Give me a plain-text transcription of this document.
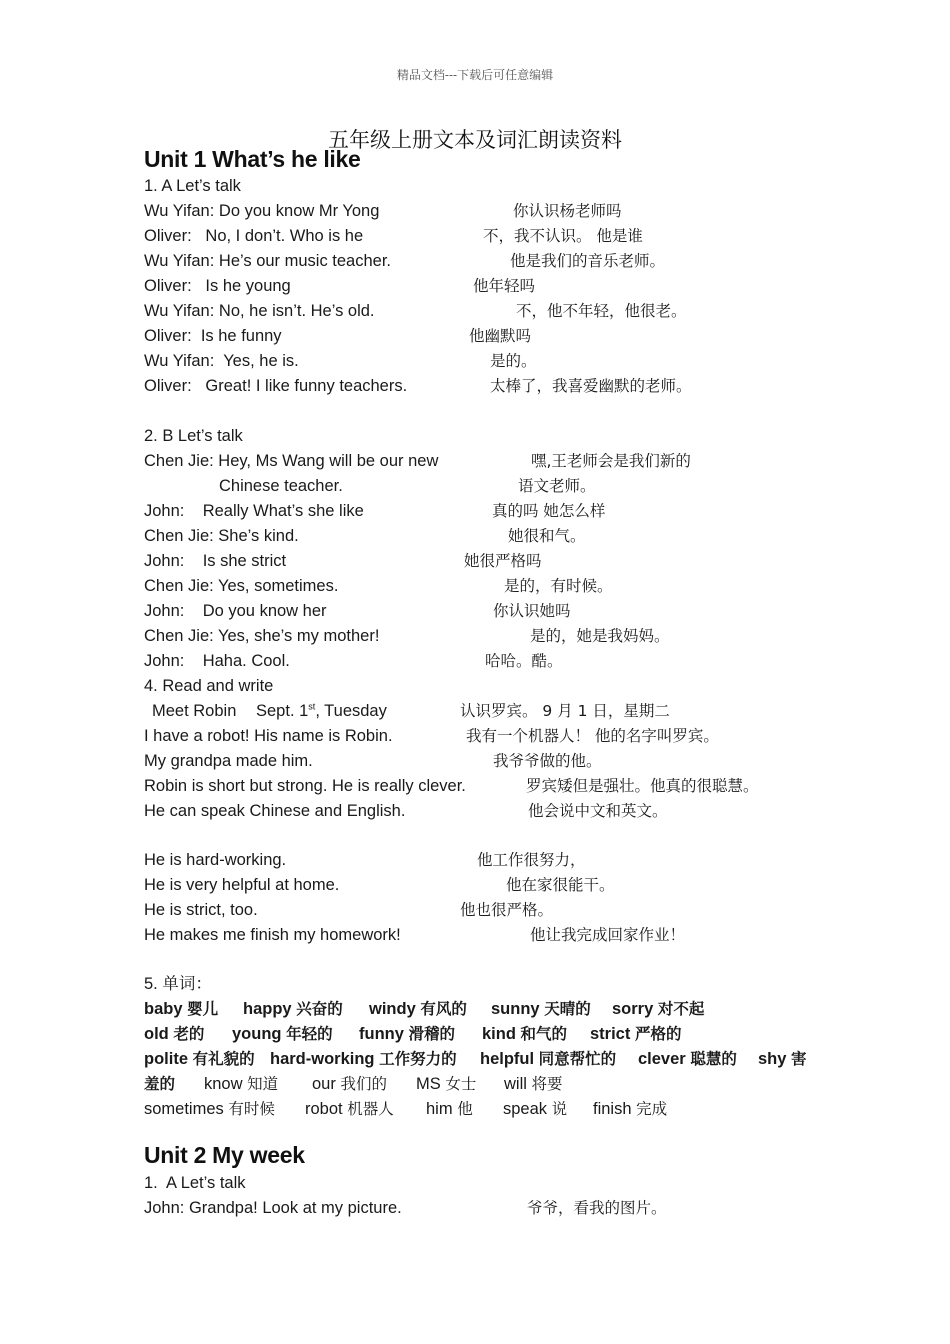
精品文档---下载后可任意编辑
五年级上册文本及词汇朗读资料
Unit 1 What’s he like
1. A Let’s talk
Wu Yifan: Do you know Mr Yong	你认识杨老师吗
Oliver:   No, I don’t. Who is he	不，我不认识。 他是谁
Wu Yifan: He’s our music teacher.	他是我们的音乐老师。
Oliver:   Is he young	他年轻吗
Wu Yifan: No, he isn’t. He’s old.	不，他不年轻，他很老。
Oliver:  Is he funny	他幽默吗
Wu Yifan:  Yes, he is.	是的。
Oliver:   Great! I like funny teachers.	太棒了，我喜爱幽默的老师。
2. B Let’s talk
Chen Jie: Hey, Ms Wang will be our new	嘿,王老师会是我们新的
Chinese teacher.	语文老师。
John:    Really What’s she like	真的吗 她怎么样
Chen Jie: She’s kind.	她很和气。
John:    Is she strict	她很严格吗
Chen Jie: Yes, sometimes.	是的，有时候。
John:    Do you know her	你认识她吗
Chen Jie: Yes, she’s my mother!	是的，她是我妈妈。
John:    Haha. Cool.	哈哈。酷。
4. Read and write
Meet Robin Sept. 1st, Tuesday	认识罗宾。 9 月 1 日，星期二
I have a robot! His name is Robin.	我有一个机器人！ 他的名字叫罗宾。
My grandpa made him.	我爷爷做的他。
Robin is short but strong. He is really clever.	罗宾矮但是强壮。他真的很聪慧。
He can speak Chinese and English.	他会说中文和英文。
He is hard-working.	他工作很努力，
He is very helpful at home.	他在家很能干。
He is strict, too.	他也很严格。
He makes me finish my homework!	他让我完成回家作业！
5. 单词：
baby 婴儿 happy 兴奋的 windy 有风的 sunny 天晴的 sorry 对不起
old 老的 young 年轻的 funny 滑稽的 kind 和气的 strict 严格的
polite 有礼貌的 hard-working 工作努力的 helpful 同意帮忙的 clever 聪慧的 shy 害
羞的 know 知道 our 我们的 MS 女士 will 将要
sometimes 有时候 robot 机器人 him 他 speak 说 finish 完成
Unit 2 My week
1.  A Let’s talk
John: Grandpa! Look at my picture.	爷爷，看我的图片。
